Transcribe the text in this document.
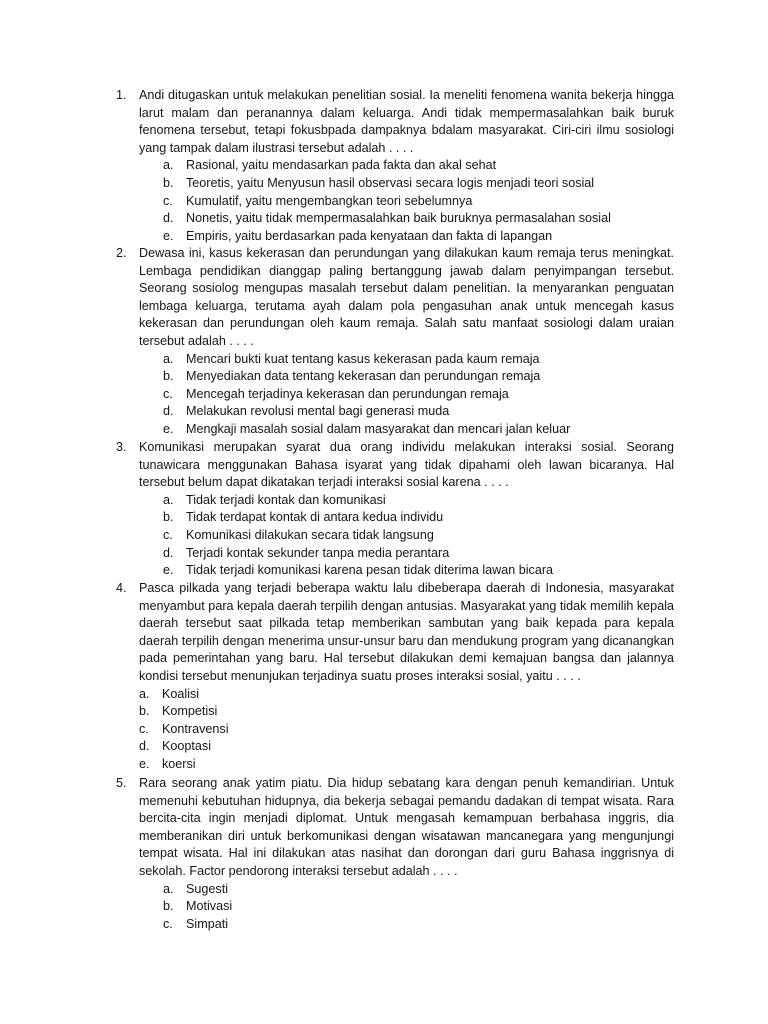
1. Andi ditugaskan untuk melakukan penelitian sosial. Ia meneliti fenomena wanita bekerja hingga larut malam dan peranannya dalam keluarga. Andi tidak mempermasalahkan baik buruk fenomena tersebut, tetapi fokusbpada dampaknya bdalam masyarakat. Ciri-ciri ilmu sosiologi yang tampak dalam ilustrasi tersebut adalah . . . .

a. Rasional, yaitu mendasarkan pada fakta dan akal sehat
b. Teoretis, yaitu Menyusun hasil observasi secara logis menjadi teori sosial
c. Kumulatif, yaitu mengembangkan teori sebelumnya
d. Nonetis, yaitu tidak mempermasalahkan baik buruknya permasalahan sosial
e. Empiris, yaitu berdasarkan pada kenyataan dan fakta di lapangan
2. Dewasa ini, kasus kekerasan dan perundungan yang dilakukan kaum remaja terus meningkat. Lembaga pendidikan dianggap paling bertanggung jawab dalam penyimpangan tersebut. Seorang sosiolog mengupas masalah tersebut dalam penelitian. Ia menyarankan penguatan lembaga keluarga, terutama ayah dalam pola pengasuhan anak untuk mencegah kasus kekerasan dan perundungan oleh kaum remaja. Salah satu manfaat sosiologi dalam uraian tersebut adalah . . . .

a. Mencari bukti kuat tentang kasus kekerasan pada kaum remaja
b. Menyediakan data tentang kekerasan dan perundungan remaja
c. Mencegah terjadinya kekerasan dan perundungan remaja
d. Melakukan revolusi mental bagi generasi muda
e. Mengkaji masalah sosial dalam masyarakat dan mencari jalan keluar
3. Komunikasi merupakan syarat dua orang individu melakukan interaksi sosial. Seorang tunawicara menggunakan Bahasa isyarat yang tidak dipahami oleh lawan bicaranya. Hal tersebut belum dapat dikatakan terjadi interaksi sosial karena . . . .

a. Tidak terjadi kontak dan komunikasi
b. Tidak terdapat kontak di antara kedua individu
c. Komunikasi dilakukan secara tidak langsung
d. Terjadi kontak sekunder tanpa media perantara
e. Tidak terjadi komunikasi karena pesan tidak diterima lawan bicara
4. Pasca pilkada yang terjadi beberapa waktu lalu dibeberapa daerah di Indonesia, masyarakat menyambut para kepala daerah terpilih dengan antusias. Masyarakat yang tidak memilih kepala daerah tersebut saat pilkada tetap memberikan sambutan yang baik kepada para kepala daerah terpilih dengan menerima unsur-unsur baru dan mendukung program yang dicanangkan pada pemerintahan yang baru. Hal tersebut dilakukan demi kemajuan bangsa dan jalannya kondisi tersebut menunjukan terjadinya suatu proses interaksi sosial, yaitu . . . .

a. Koalisi
b. Kompetisi
c. Kontravensi
d. Kooptasi
e. koersi
5. Rara seorang anak yatim piatu. Dia hidup sebatang kara dengan penuh kemandirian. Untuk memenuhi kebutuhan hidupnya, dia bekerja sebagai pemandu dadakan di tempat wisata. Rara bercita-cita ingin menjadi diplomat. Untuk mengasah kemampuan berbahasa inggris, dia memberanikan diri untuk berkomunikasi dengan wisatawan mancanegara yang mengunjungi tempat wisata. Hal ini dilakukan atas nasihat dan dorongan dari guru Bahasa inggrisnya di sekolah. Factor pendorong interaksi tersebut adalah . . . .

a. Sugesti
b. Motivasi
c. Simpati
